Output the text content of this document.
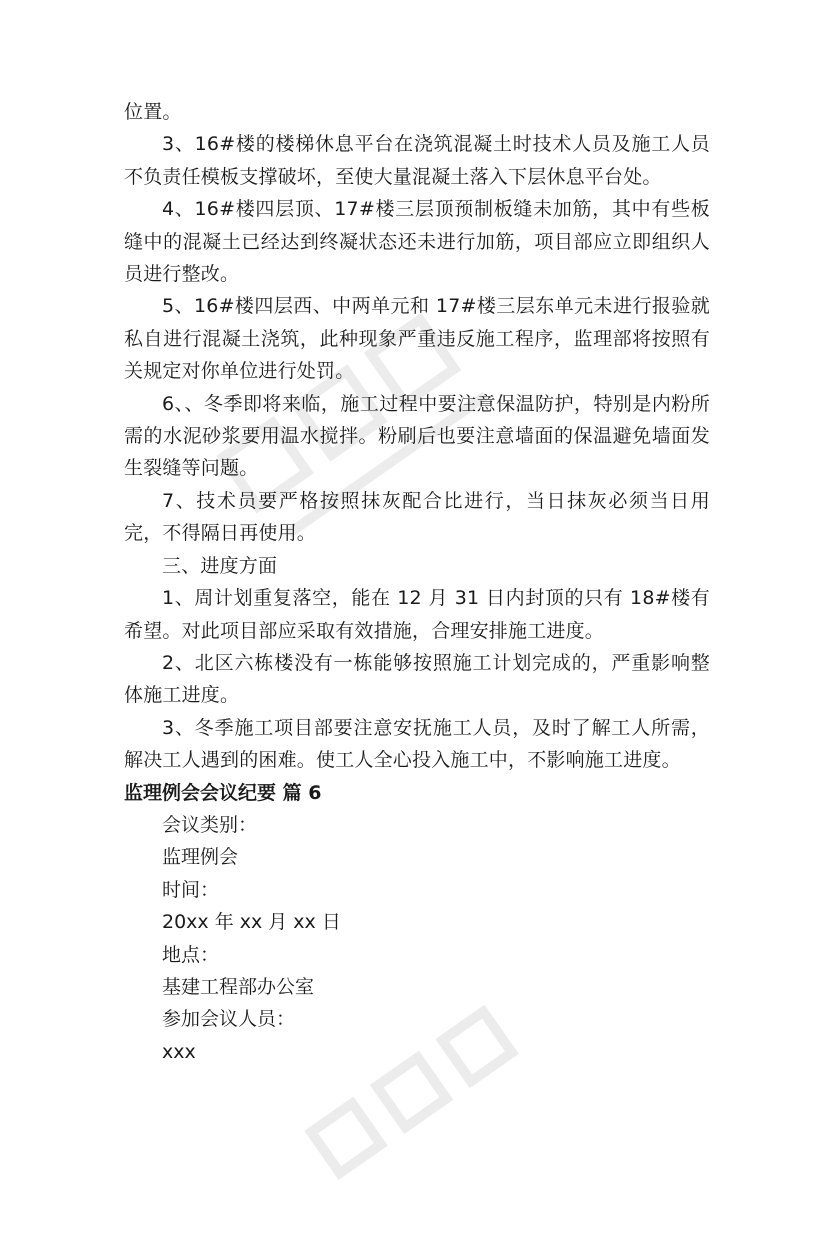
位置。

3、16#楼的楼梯休息平台在浇筑混凝土时技术人员及施工人员不负责任模板支撑破坏，至使大量混凝土落入下层休息平台处。

4、16#楼四层顶、17#楼三层顶预制板缝未加筋，其中有些板缝中的混凝土已经达到终凝状态还未进行加筋，项目部应立即组织人员进行整改。

5、16#楼四层西、中两单元和 17#楼三层东单元未进行报验就私自进行混凝土浇筑，此种现象严重违反施工程序，监理部将按照有关规定对你单位进行处罚。

6、、冬季即将来临，施工过程中要注意保温防护，特别是内粉所需的水泥砂浆要用温水搅拌。粉刷后也要注意墙面的保温避免墙面发生裂缝等问题。

7、技术员要严格按照抹灰配合比进行，当日抹灰必须当日用完，不得隔日再使用。

三、进度方面

1、周计划重复落空，能在 12 月 31 日内封顶的只有 18#楼有希望。对此项目部应采取有效措施，合理安排施工进度。

2、北区六栋楼没有一栋能够按照施工计划完成的，严重影响整体施工进度。

3、冬季施工项目部要注意安抚施工人员，及时了解工人所需，解决工人遇到的困难。使工人全心投入施工中，不影响施工进度。

监理例会会议纪要 篇 6

会议类别：

监理例会

时间：

20xx 年 xx 月 xx 日

地点：

基建工程部办公室

参加会议人员：

xxx
